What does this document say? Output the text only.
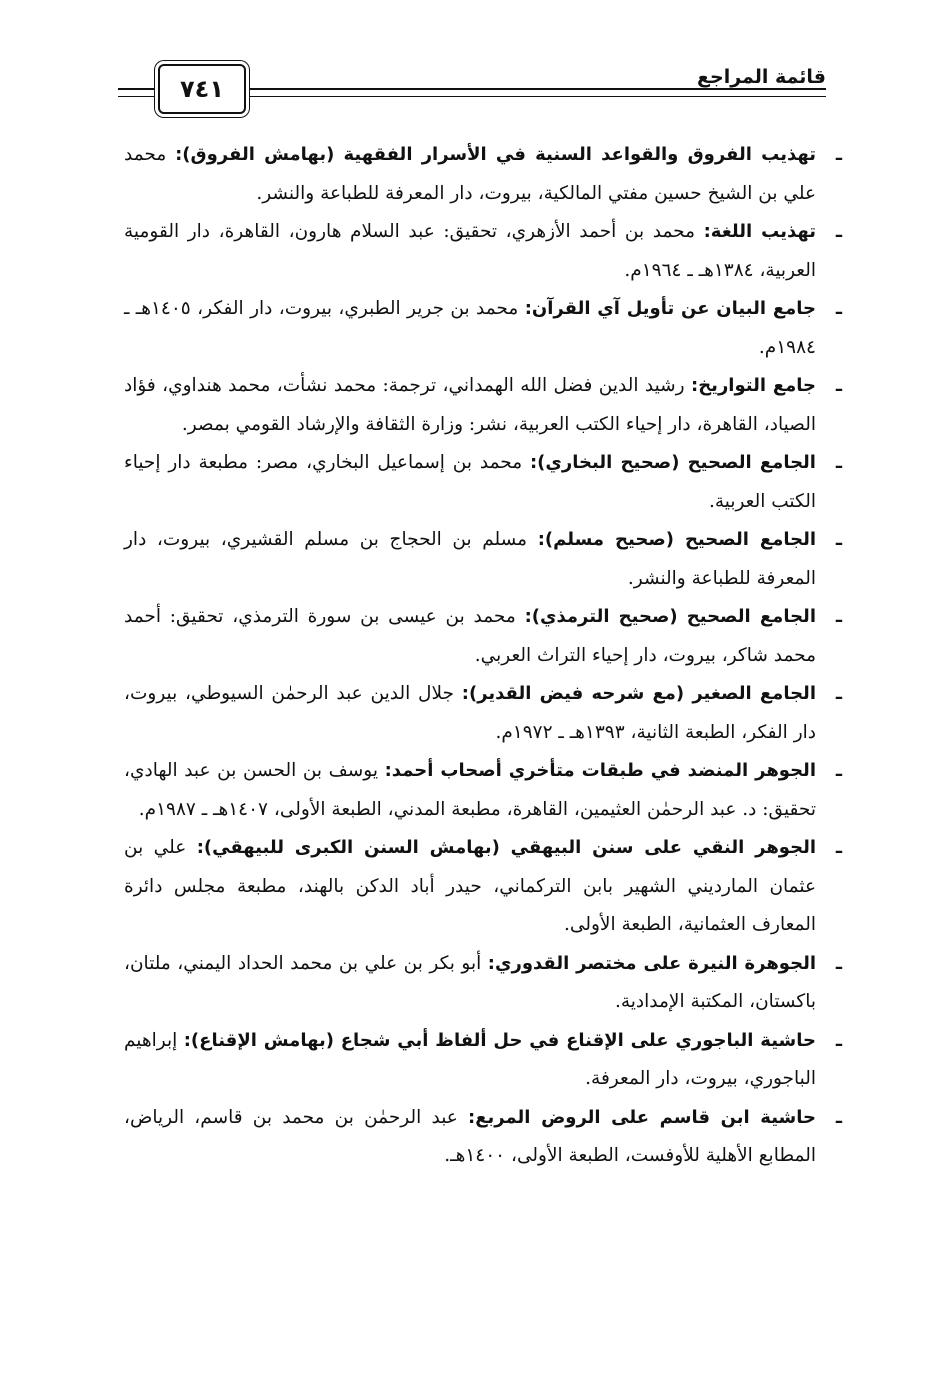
قائمة المراجع
٧٤١
ـ
تهذيب الفروق والقواعد السنية في الأسرار الفقهية (بهامش الفروق): محمد علي بن الشيخ حسين مفتي المالكية، بيروت، دار المعرفة للطباعة والنشر.
ـ
تهذيب اللغة: محمد بن أحمد الأزهري، تحقيق: عبد السلام هارون، القاهرة، دار القومية العربية، ١٣٨٤هـ ـ ١٩٦٤م.
ـ
جامع البيان عن تأويل آي القرآن: محمد بن جرير الطبري، بيروت، دار الفكر، ١٤٠٥هـ ـ ١٩٨٤م.
ـ
جامع التواريخ: رشيد الدين فضل الله الهمداني، ترجمة: محمد نشأت، محمد هنداوي، فؤاد الصياد، القاهرة، دار إحياء الكتب العربية، نشر: وزارة الثقافة والإرشاد القومي بمصر.
ـ
الجامع الصحيح (صحيح البخاري): محمد بن إسماعيل البخاري، مصر: مطبعة دار إحياء الكتب العربية.
ـ
الجامع الصحيح (صحيح مسلم): مسلم بن الحجاج بن مسلم القشيري، بيروت، دار المعرفة للطباعة والنشر.
ـ
الجامع الصحيح (صحيح الترمذي): محمد بن عيسى بن سورة الترمذي، تحقيق: أحمد محمد شاكر، بيروت، دار إحياء التراث العربي.
ـ
الجامع الصغير (مع شرحه فيض القدير): جلال الدين عبد الرحمٰن السيوطي، بيروت، دار الفكر، الطبعة الثانية، ١٣٩٣هـ ـ ١٩٧٢م.
ـ
الجوهر المنضد في طبقات متأخري أصحاب أحمد: يوسف بن الحسن بن عبد الهادي، تحقيق: د. عبد الرحمٰن العثيمين، القاهرة، مطبعة المدني، الطبعة الأولى، ١٤٠٧هـ ـ ١٩٨٧م.
ـ
الجوهر النقي على سنن البيهقي (بهامش السنن الكبرى للبيهقي): علي بن عثمان المارديني الشهير بابن التركماني، حيدر أباد الدكن بالهند، مطبعة مجلس دائرة المعارف العثمانية، الطبعة الأولى.
ـ
الجوهرة النيرة على مختصر القدوري: أبو بكر بن علي بن محمد الحداد اليمني، ملتان، باكستان، المكتبة الإمدادية.
ـ
حاشية الباجوري على الإقناع في حل ألفاظ أبي شجاع (بهامش الإقناع): إبراهيم الباجوري، بيروت، دار المعرفة.
ـ
حاشية ابن قاسم على الروض المربع: عبد الرحمٰن بن محمد بن قاسم، الرياض، المطابع الأهلية للأوفست، الطبعة الأولى، ١٤٠٠هـ.
